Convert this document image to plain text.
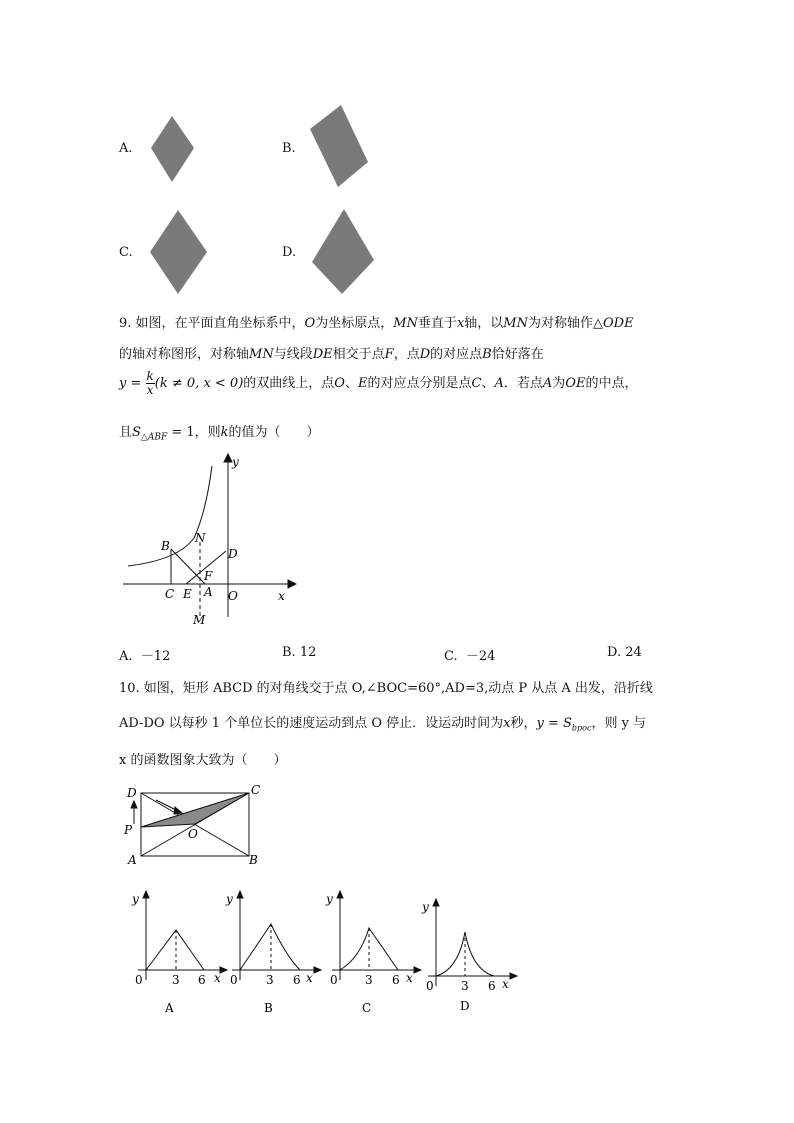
A.	B.
C.	D.
9. 如图，在平面直角坐标系中，O为坐标原点，MN垂直于x轴，以MN为对称轴作△ODE
的轴对称图形，对称轴MN与线段DE相交于点F，点D的对应点B恰好落在
$y = \frac{k}{x} (k \ne 0$, x < 0)的双曲线上，点O、E的对应点分别是点C、A．若点A为OE的中点，
且$S_{\triangle ABF} = 1$，则k的值为（　　）
y
x
B
N
D
F
C E A O
M
A. －12	B. 12	C. －24	D. 24
10. 如图，矩形 ABCD 的对角线交于点 O,∠BOC=60°,AD=3,动点 P 从点 A 出发，沿折线
AD-DO 以每秒 1 个单位长的速度运动到点 O 停止．设运动时间为x秒，$y = S_{bpoc}$，则 y 与
x 的函数图象大致为（　　）
D	C
P	O
A	B
y
x
0 3 6
A
y
x
0 3 6
B
y
x
0 3 6
C
y
x
0 3 6
D
